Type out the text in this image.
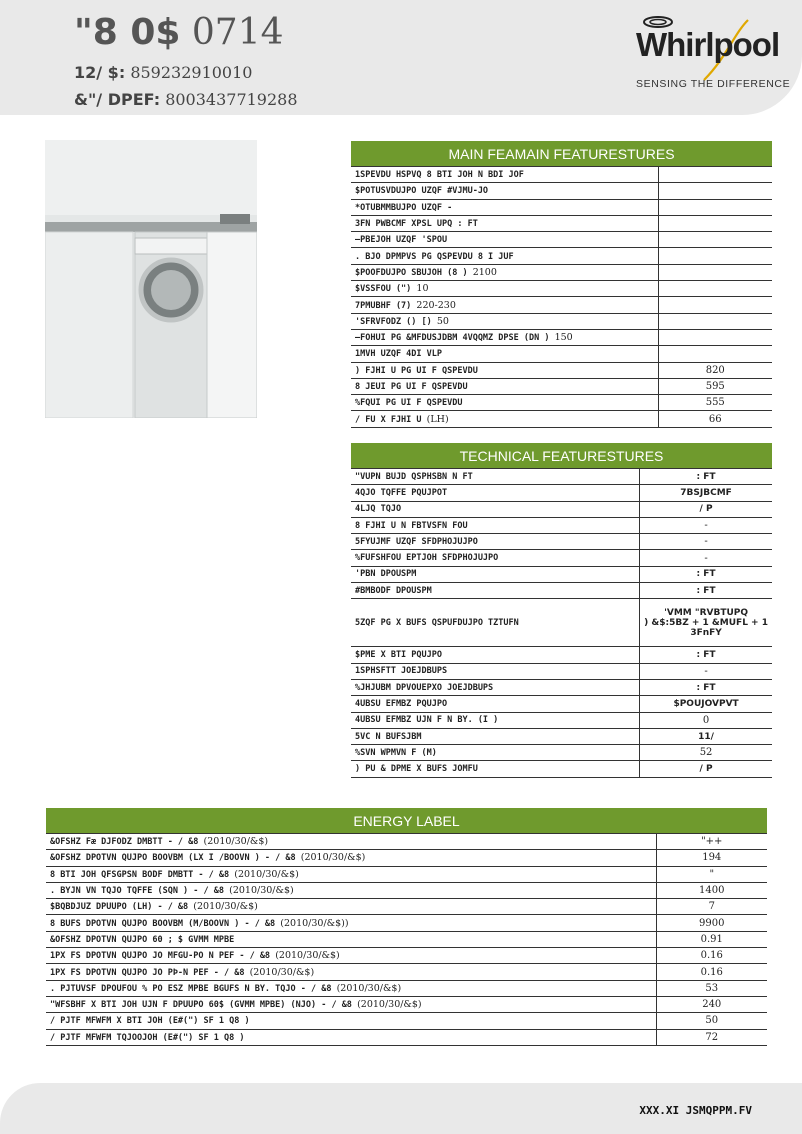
"8 0$ 0714
12/ $: 859232910010
&"/ DPEF: 8003437719288
Whirlpool
SENSING THE DIFFERENCE
MAIN FEAMAIN FEATURESTURES	
1SPEVDU HSPVQ 8 BTI JOH N BDI JOF	
$POTUSVDUJPO UZQF #VJMU-JO	
*OTUBMMBUJPO UZQF -	
3FN PWBCMF XPSL UPQ : FT	
–PBEJOH UZQF 'SPOU	
. BJO DPMPVS PG QSPEVDU 8 I JUF	
$POOFDUJPO SBUJOH (8 ) 2100	
$VSSFOU (") 10	
7PMUBHF (7) 220-230	
'SFRVFODZ () [) 50	
–FOHUI PG &MFDUSJDBM 4VQQMZ DPSE (DN ) 150	
1MVH UZQF 4DI VLP	
) FJHI U PG UI F QSPEVDU	820
8 JEUI PG UI F QSPEVDU	595
%FQUI PG UI F QSPEVDU	555
/ FU X FJHI U (LH)	66
TECHNICAL FEATURESTURES	
"VUPN BUJD QSPHSBN N FT	: FT
4QJO TQFFE PQUJPOT	7BSJBCMF
4LJQ TQJO	/ P
8 FJHI U N FBTVSFN FOU	-
5FYUJMF UZQF SFDPHOJUJPO	-
%FUFSHFOU EPTJOH SFDPHOJUJPO	-
'PBN DPOUSPM	: FT
#BMBODF DPOUSPM	: FT
5ZQF PG X BUFS QSPUFDUJPO TZTUFN	'VMM "RVBTUPQ
) &$:5BZ + 1 &MUFL + 1
3FnFY

$PME X BTI PQUJPO	: FT
1SPHSFTT JOEJDBUPS	-
%JHJUBM DPVOUEPXO JOEJDBUPS	: FT
4UBSU EFMBZ PQUJPO	$POUJOVPVT
4UBSU EFMBZ UJN F N BY. (I )	0
5VC N BUFSJBM	11/
%SVN WPMVN F (M)	52
) PU & DPME X BUFS JOMFU	/ P
ENERGY LABEL	
&OFSHZ Fæ DJFODZ DMBTT - / &8 (2010/30/&$)	"++
&OFSHZ DPOTVN QUJPO BOOVBM (LX I /BOOVN ) - / &8 (2010/30/&$)	194
8 BTI JOH QFSGPSN BODF DMBTT - / &8 (2010/30/&$)	"
. BYJN VN TQJO TQFFE (SQN ) - / &8 (2010/30/&$)	1400
$BQBDJUZ DPUUPO (LH) - / &8 (2010/30/&$)	7
8 BUFS DPOTVN QUJPO BOOVBM (M/BOOVN ) - / &8 (2010/30/&$))	9900
&OFSHZ DPOTVN QUJPO 60 ; $ GVMM MPBE	0.91
1PX FS DPOTVN QUJPO JO MFGU-PO N PEF - / &8 (2010/30/&$)	0.16
1PX FS DPOTVN QUJPO JO PÞ-N PEF - / &8 (2010/30/&$)	0.16
. PJTUVSF DPOUFOU % PO ESZ MPBE BGUFS N BY. TQJO - / &8 (2010/30/&$)	53
"WFSBHF X BTI JOH UJN F DPUUPO 60$ (GVMM MPBE) (NJO) - / &8 (2010/30/&$)	240
/ PJTF MFWFM X BTI JOH (E#(") SF 1 Q8 )	50
/ PJTF MFWFM TQJOOJOH (E#(") SF 1 Q8 )	72
XXX.XI JSMQPPM.FV
